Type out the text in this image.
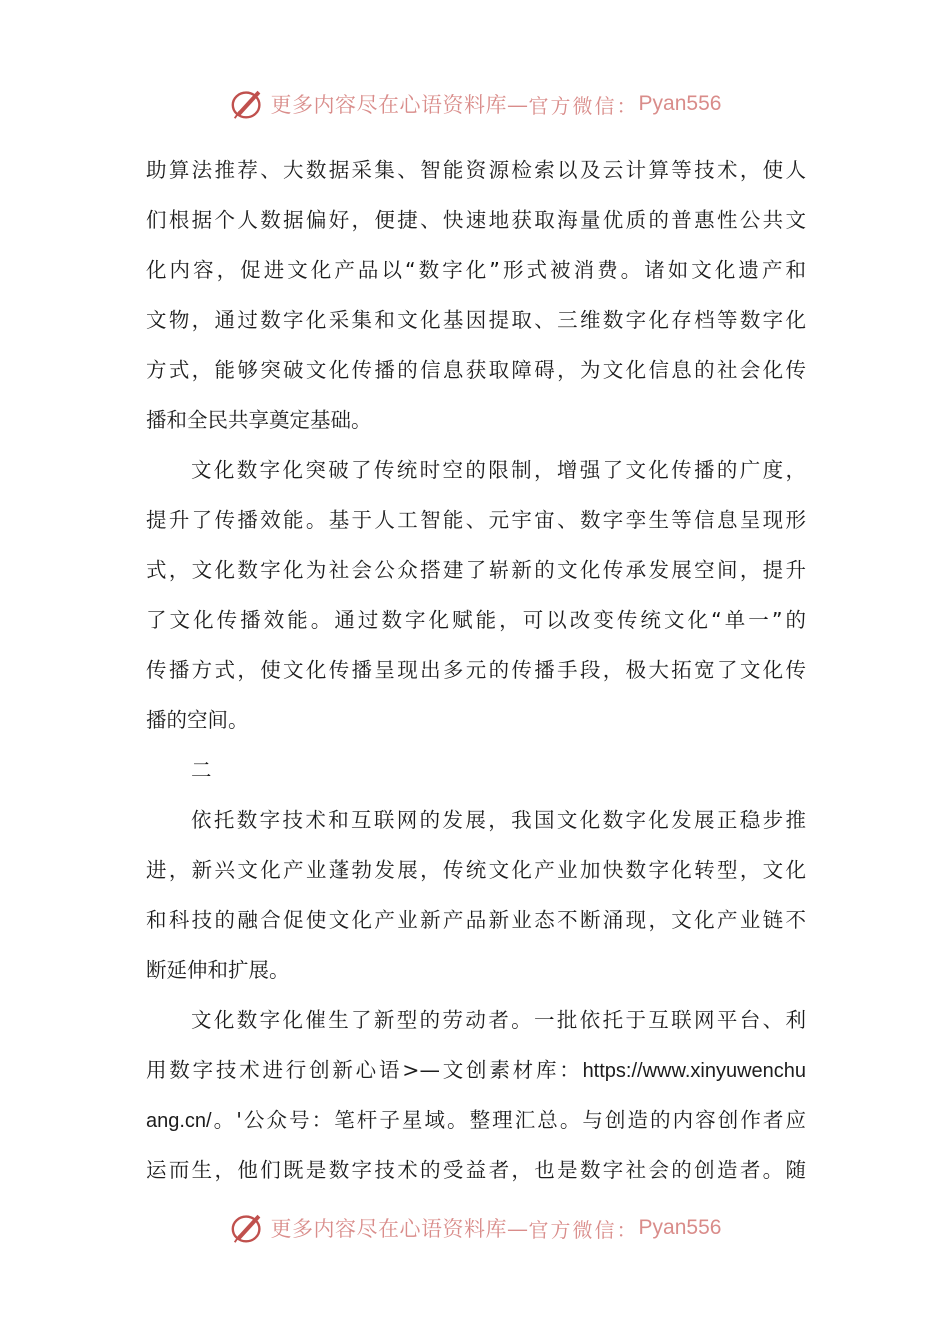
更多内容尽在心语资料库— 官方微信： Pyan556
助算法推荐、大数据采集、智能资源检索以及云计算等技术，使人
们根据个人数据偏好，便捷、快速地获取海量优质的普惠性公共文
化内容，促进文化产品以“数字化”形式被消费。诸如文化遗产和
文物，通过数字化采集和文化基因提取、三维数字化存档等数字化
方式，能够突破文化传播的信息获取障碍，为文化信息的社会化传
播和全民共享奠定基础。
文化数字化突破了传统时空的限制，增强了文化传播的广度，
提升了传播效能。基于人工智能、元宇宙、数字孪生等信息呈现形
式，文化数字化为社会公众搭建了崭新的文化传承发展空间，提升
了文化传播效能。通过数字化赋能，可以改变传统文化“单一”的
传播方式，使文化传播呈现出多元的传播手段，极大拓宽了文化传
播的空间。
二
依托数字技术和互联网的发展，我国文化数字化发展正稳步推
进，新兴文化产业蓬勃发展，传统文化产业加快数字化转型，文化
和科技的融合促使文化产业新产品新业态不断涌现，文化产业链不
断延伸和扩展。
文化数字化催生了新型的劳动者。一批依托于互联网平台、利
用数字技术进行创新心语>—文创素材库：https://www.xinyuwenchu
ang.cn/。'公众号：笔杆子星域。整理汇总。与创造的内容创作者应
运而生，他们既是数字技术的受益者，也是数字社会的创造者。随
更多内容尽在心语资料库— 官方微信： Pyan556
